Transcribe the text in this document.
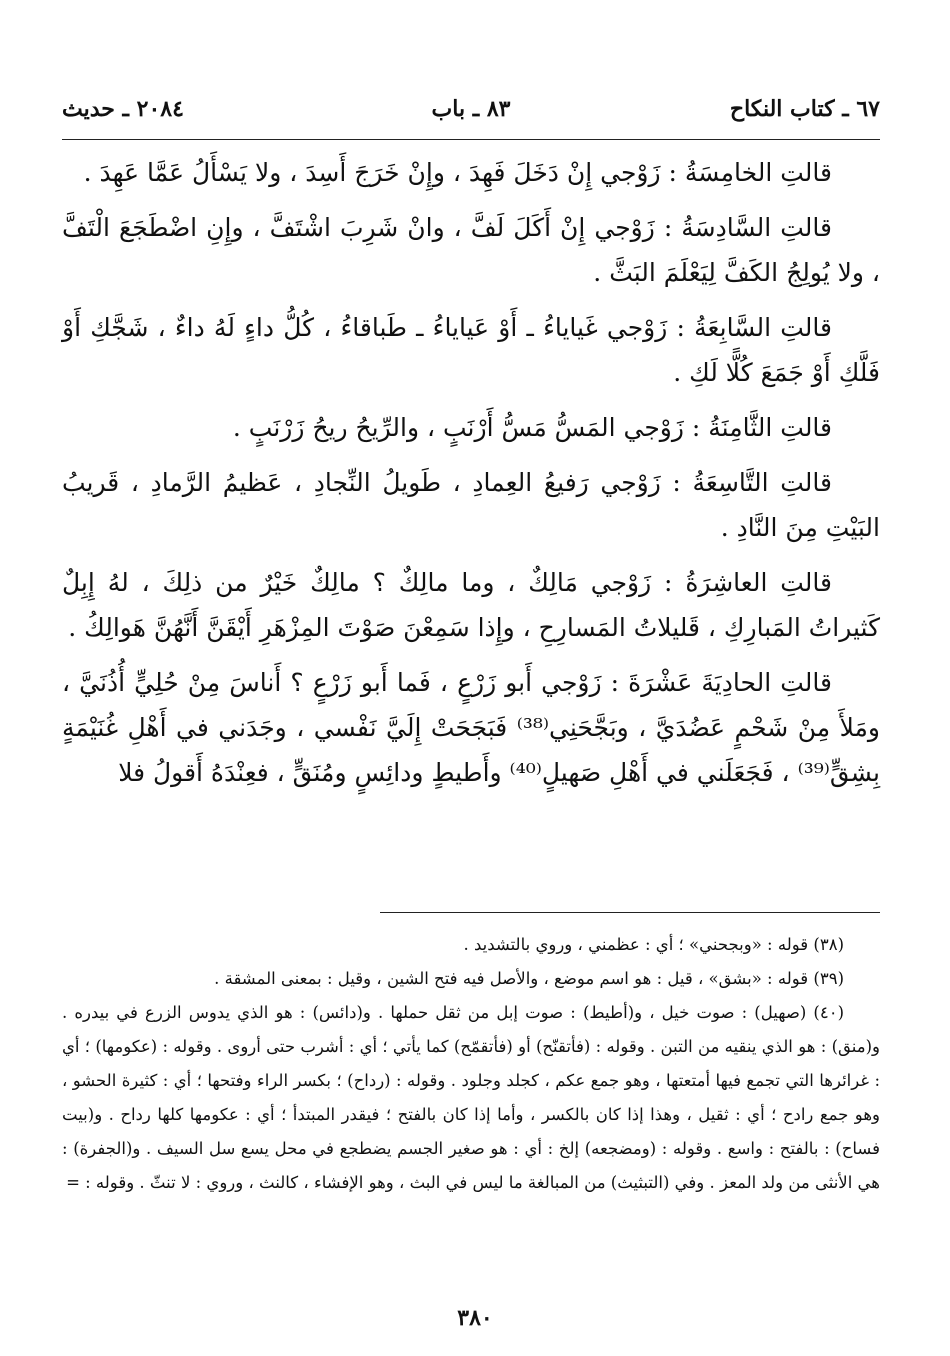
٦٧ ـ كتاب النكاح
٨٣ ـ باب
٢٠٨٤ ـ حديث

قالتِ الخامِسَةُ : زَوْجي إِنْ دَخَلَ فَهِدَ ، وإِنْ خَرَجَ أَسِدَ ، ولا يَسْأَلُ عَمَّا عَهِدَ .

قالتِ السَّادِسَةُ : زَوْجي إِنْ أَكَلَ لَفَّ ، وانْ شَرِبَ اشْتَفَّ ، وإِنِ اضْطَجَعَ الْتَفَّ ، ولا يُولِجُ الكَفَّ لِيَعْلَمَ البَثَّ .

قالتِ السَّابِعَةُ : زَوْجي غَياياءُ ـ أَوْ عَياياءُ ـ طَباقاءُ ، كُلُّ داءٍ لَهُ داءٌ ، شَجَّكِ أَوْ فَلَّكِ أَوْ جَمَعَ كُلًّا لَكِ .

قالتِ الثَّامِنَةُ : زَوْجي المَسُّ مَسُّ أَرْنَبٍ ، والرِّيحُ ريحُ زَرْنَبٍ .

قالتِ التَّاسِعَةُ : زَوْجي رَفيعُ العِمادِ ، طَويلُ النِّجادِ ، عَظيمُ الرَّمادِ ، قَريبُ البَيْتِ مِنَ النَّادِ .

قالتِ العاشِرَةُ : زَوْجي مَالِكٌ ، وما مالِكٌ ؟ مالِكٌ خَيْرٌ من ذلِكَ ، لهُ إِبِلٌ كَثيراتُ المَبارِكِ ، قَليلاتُ المَسارِحِ ، وإِذا سَمِعْنَ صَوْتَ المِزْهَرِ أَيْقَنَّ أَنَّهُنَّ هَوالِكُ .

قالتِ الحادِيَةَ عَشْرَةَ : زَوْجي أَبو زَرْعٍ ، فَما أَبو زَرْعٍ ؟ أَناسَ مِنْ حُلِيٍّ أُذُنَيَّ ، ومَلأَ مِنْ شَحْمٍ عَضُدَيَّ ، وبَجَّحَنِي⁽³⁸⁾ فَبَجَحَتْ إِلَيَّ نَفْسي ، وجَدَني في أَهْلِ غُنَيْمَةٍ بِشِقٍّ⁽³⁹⁾ ، فَجَعَلَني في أَهْلِ صَهيلٍ⁽⁴⁰⁾ وأَطيطٍ ودائِسٍ ومُنَقٍّ ، فعِنْدَهُ أَقولُ فلا

(٣٨) قوله : «وبجحني» ؛ أي : عظمني ، وروي بالتشديد .

(٣٩) قوله : «بشق» ، قيل : هو اسم موضع ، والأصل فيه فتح الشين ، وقيل : بمعنى المشقة .

(٤٠) (صهيل) : صوت خيل ، و(أطيط) : صوت إبل من ثقل حملها . و(دائس) : هو الذي يدوس الزرع في بيدره . و(منق) : هو الذي ينقيه من التبن . وقوله : (فأتقنّح) أو (فأتقمّح) كما يأتي ؛ أي : أشرب حتى أروى . وقوله : (عكومها) ؛ أي : غرائرها التي تجمع فيها أمتعتها ، وهو جمع عكم ، كجلد وجلود . وقوله : (رداح) ؛ بكسر الراء وفتحها ؛ أي : كثيرة الحشو ، وهو جمع رادح ؛ أي : ثقيل ، وهذا إذا كان بالكسر ، وأما إذا كان بالفتح ؛ فيقدر المبتدأ ؛ أي : عكومها كلها رداح . و(بيت فساح) : بالفتح : واسع . وقوله : (ومضجعه) إلخ : أي : هو صغير الجسم يضطجع في محل يسع سل السيف . و(الجفرة) : هي الأنثى من ولد المعز . وفي (التبثيث) من المبالغة ما ليس في البث ، وهو الإفشاء ، كالنث ، وروي : لا تنثّ . وقوله : =

٣٨٠
